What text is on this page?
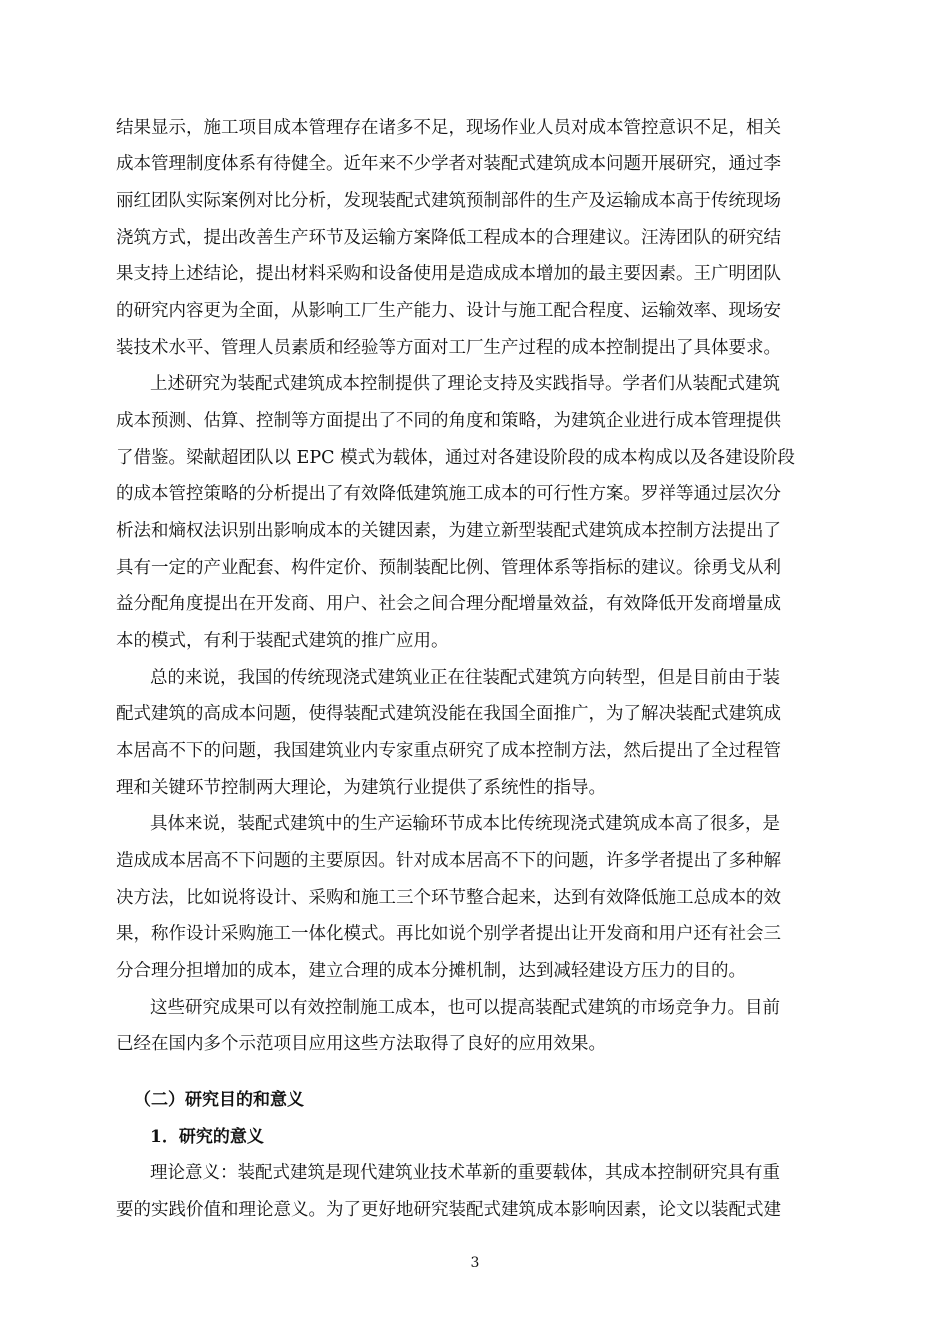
结果显示，施工项目成本管理存在诸多不足，现场作业人员对成本管控意识不足，相关
成本管理制度体系有待健全。近年来不少学者对装配式建筑成本问题开展研究，通过李
丽红团队实际案例对比分析，发现装配式建筑预制部件的生产及运输成本高于传统现场
浇筑方式，提出改善生产环节及运输方案降低工程成本的合理建议。汪涛团队的研究结
果支持上述结论，提出材料采购和设备使用是造成成本增加的最主要因素。王广明团队
的研究内容更为全面，从影响工厂生产能力、设计与施工配合程度、运输效率、现场安
装技术水平、管理人员素质和经验等方面对工厂生产过程的成本控制提出了具体要求。
上述研究为装配式建筑成本控制提供了理论支持及实践指导。学者们从装配式建筑
成本预测、估算、控制等方面提出了不同的角度和策略，为建筑企业进行成本管理提供
了借鉴。梁献超团队以 EPC 模式为载体，通过对各建设阶段的成本构成以及各建设阶段
的成本管控策略的分析提出了有效降低建筑施工成本的可行性方案。罗祥等通过层次分
析法和熵权法识别出影响成本的关键因素，为建立新型装配式建筑成本控制方法提出了
具有一定的产业配套、构件定价、预制装配比例、管理体系等指标的建议。徐勇戈从利
益分配角度提出在开发商、用户、社会之间合理分配增量效益，有效降低开发商增量成
本的模式，有利于装配式建筑的推广应用。
总的来说，我国的传统现浇式建筑业正在往装配式建筑方向转型，但是目前由于装
配式建筑的高成本问题，使得装配式建筑没能在我国全面推广，为了解决装配式建筑成
本居高不下的问题，我国建筑业内专家重点研究了成本控制方法，然后提出了全过程管
理和关键环节控制两大理论，为建筑行业提供了系统性的指导。
具体来说，装配式建筑中的生产运输环节成本比传统现浇式建筑成本高了很多，是
造成成本居高不下问题的主要原因。针对成本居高不下的问题，许多学者提出了多种解
决方法，比如说将设计、采购和施工三个环节整合起来，达到有效降低施工总成本的效
果，称作设计采购施工一体化模式。再比如说个别学者提出让开发商和用户还有社会三
分合理分担增加的成本，建立合理的成本分摊机制，达到减轻建设方压力的目的。
这些研究成果可以有效控制施工成本，也可以提高装配式建筑的市场竞争力。目前
已经在国内多个示范项目应用这些方法取得了良好的应用效果。
（二）研究目的和意义
1．研究的意义
理论意义：装配式建筑是现代建筑业技术革新的重要载体，其成本控制研究具有重
要的实践价值和理论意义。为了更好地研究装配式建筑成本影响因素，论文以装配式建
3
